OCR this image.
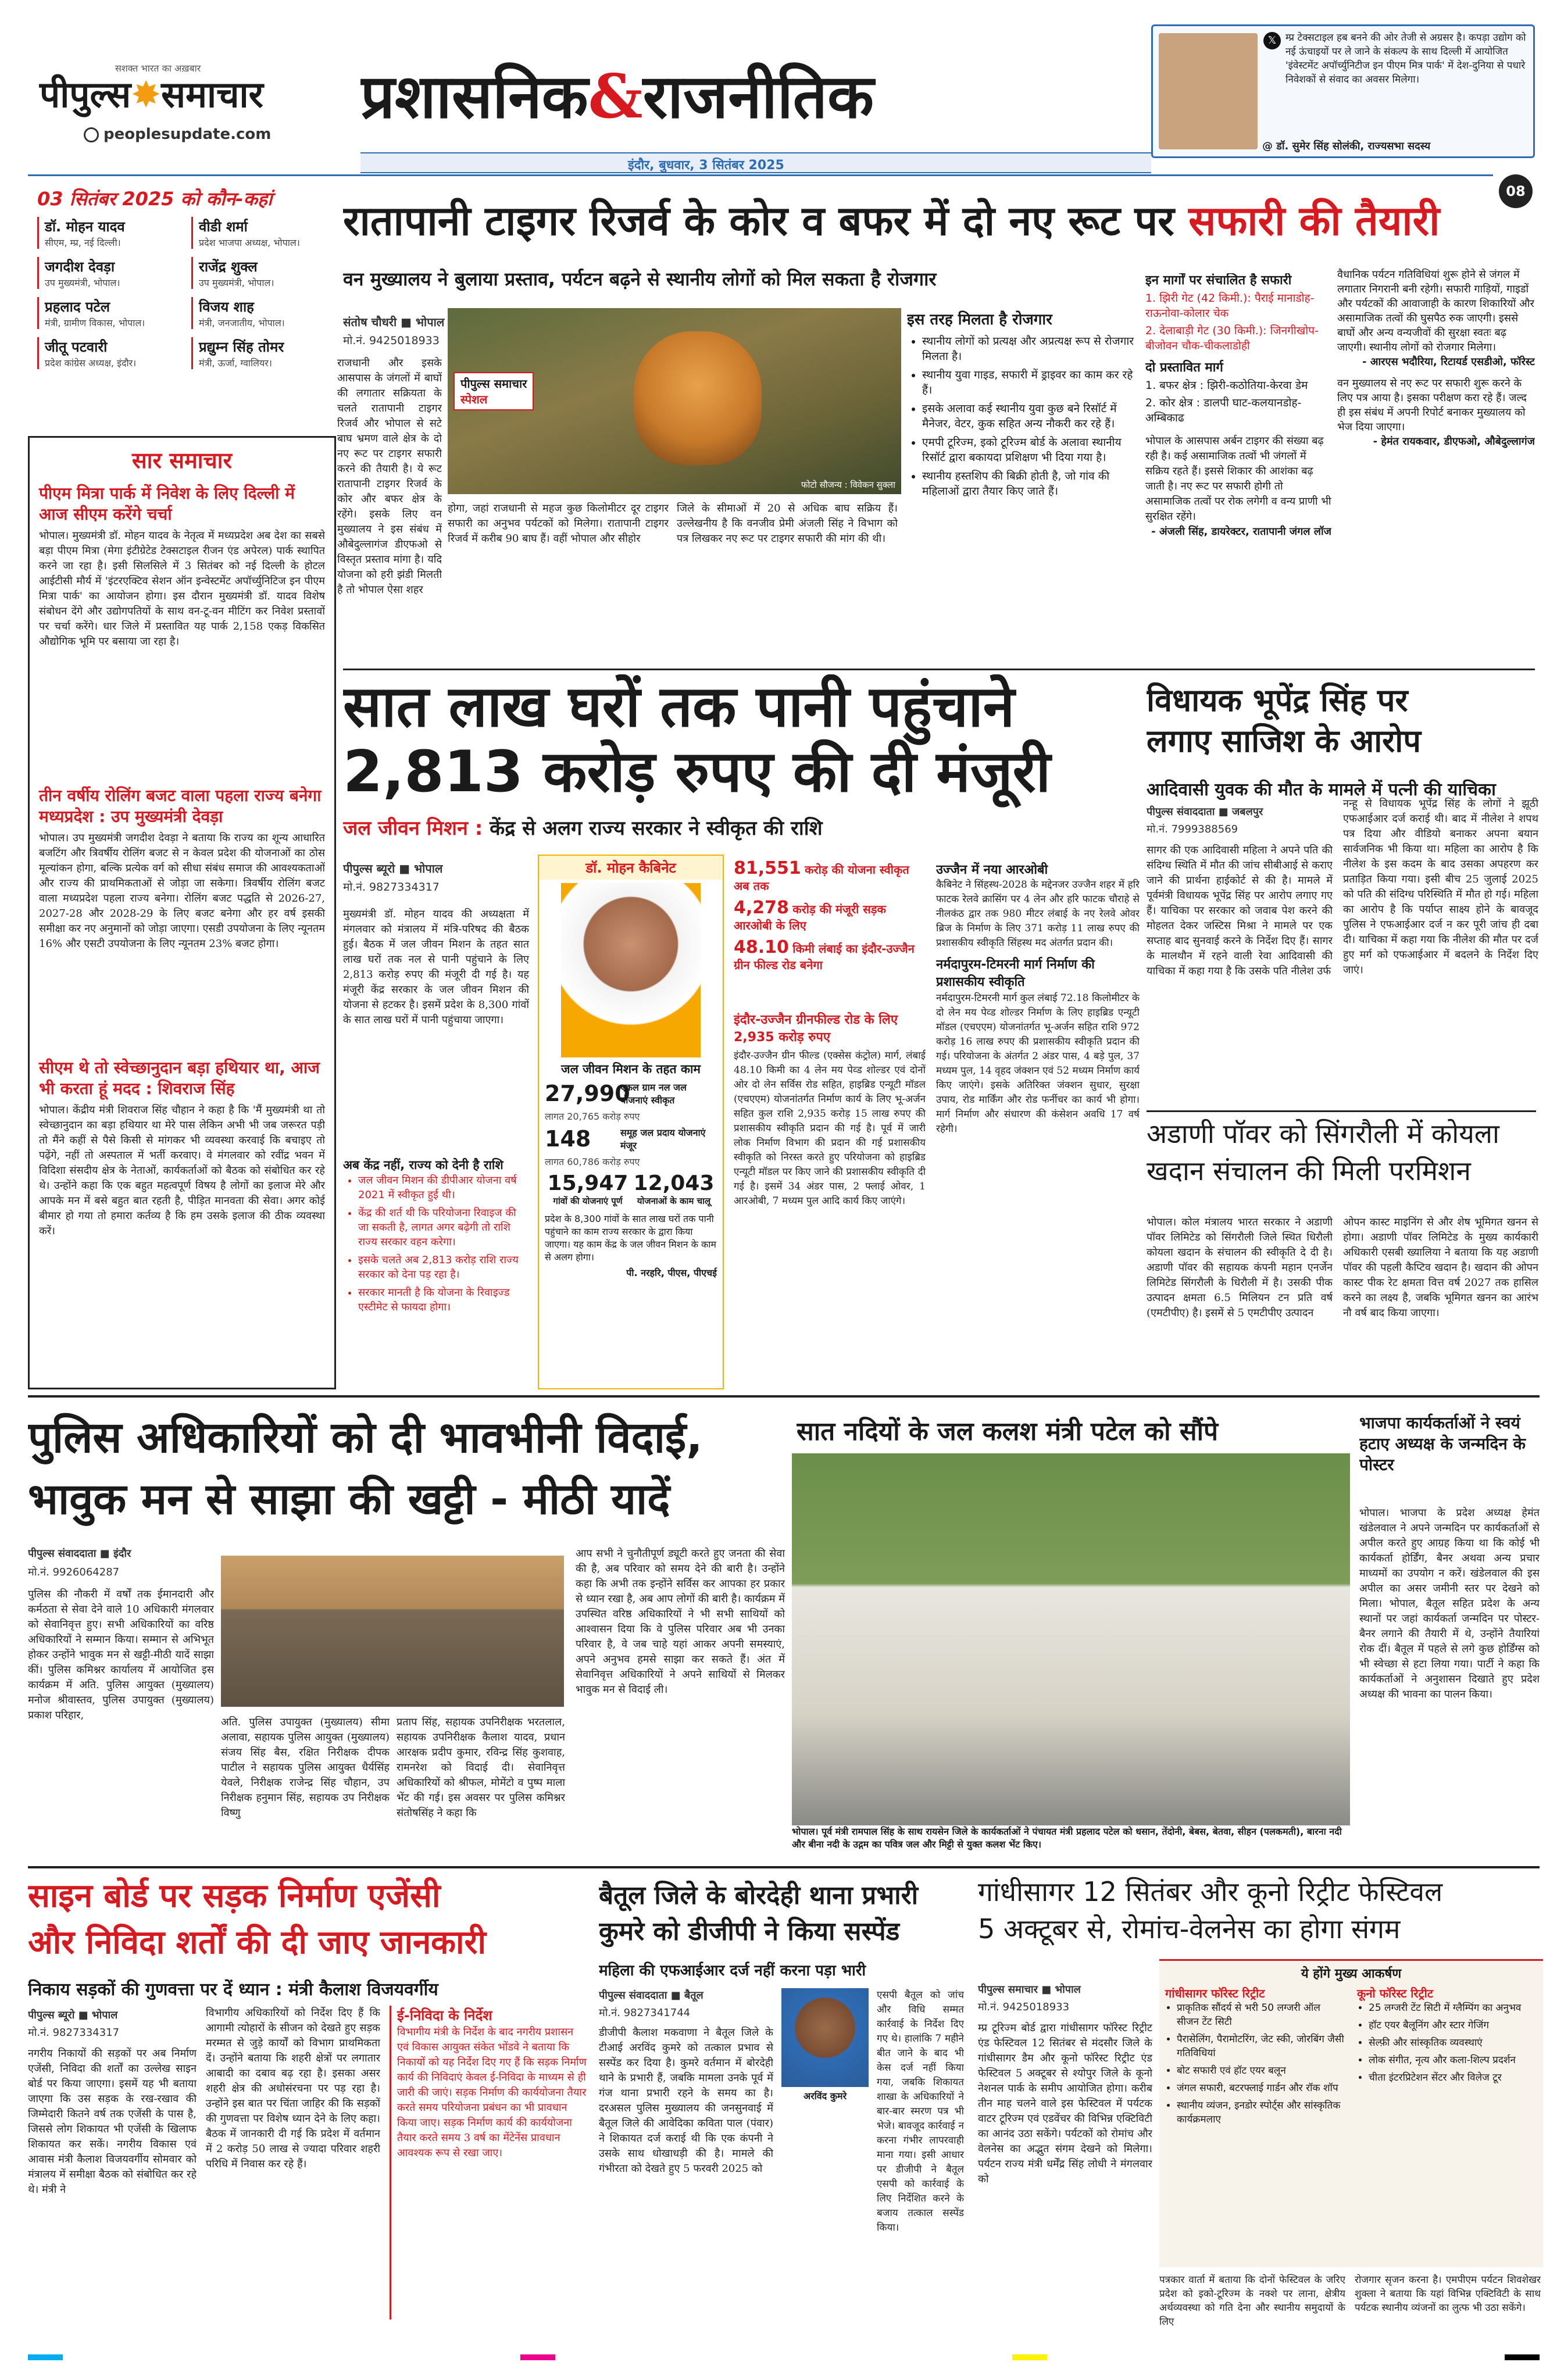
सशक्त भारत का अख़बार
पीपुल्स✸समाचार
peoplesupdate.com
प्रशासनिक&राजनीतिक
इंदौर, बुधवार, 3 सितंबर 2025
𝕏 म्प्र टेक्सटाइल हब बनने की ओर तेजी से अग्रसर है। कपड़ा उद्योग को नई ऊंचाइयों पर ले जाने के संकल्प के साथ दिल्ली में आयोजित 'इंवेस्टमेंट अपॉर्च्युनिटीज इन पीएम मित्र पार्क' में देश-दुनिया से पधारे निवेशकों से संवाद का अवसर मिलेगा।
@ डॉ. सुमेर सिंह सोलंकी, राज्यसभा सदस्य
08
03 सितंबर 2025 को कौन-कहां
डॉ. मोहन यादव
सीएम, म्प्र, नई दिल्ली।
वीडी शर्मा
प्रदेश भाजपा अध्यक्ष, भोपाल।
जगदीश देवड़ा
उप मुख्यमंत्री, भोपाल।
राजेंद्र शुक्ल
उप मुख्यमंत्री, भोपाल।
प्रहलाद पटेल
मंत्री, ग्रामीण विकास, भोपाल।
विजय शाह
मंत्री, जनजातीय, भोपाल।
जीतू पटवारी
प्रदेश कांग्रेस अध्यक्ष, इंदौर।
प्रद्युम्न सिंह तोमर
मंत्री, ऊर्जा, ग्वालियर।
सार समाचार
पीएम मित्रा पार्क में निवेश के लिए दिल्ली में आज सीएम करेंगे चर्चा
भोपाल। मुख्यमंत्री डॉ. मोहन यादव के नेतृत्व में मध्यप्रदेश अब देश का सबसे बड़ा पीएम मित्रा (मेगा इंटीग्रेटेड टेक्सटाइल रीजन एंड अपेरल) पार्क स्थापित करने जा रहा है। इसी सिलसिले में 3 सितंबर को नई दिल्ली के होटल आईटीसी मौर्य में 'इंटरएक्टिव सेशन ऑन इन्वेस्टमेंट अपॉर्च्युनिटिज इन पीएम मित्रा पार्क' का आयोजन होगा। इस दौरान मुख्यमंत्री डॉ. यादव विशेष संबोधन देंगे और उद्योगपतियों के साथ वन-टू-वन मीटिंग कर निवेश प्रस्तावों पर चर्चा करेंगे। धार जिले में प्रस्तावित यह पार्क 2,158 एकड़ विकसित औद्योगिक भूमि पर बसाया जा रहा है।
तीन वर्षीय रोलिंग बजट वाला पहला राज्य बनेगा मध्यप्रदेश : उप मुख्यमंत्री देवड़ा
भोपाल। उप मुख्यमंत्री जगदीश देवड़ा ने बताया कि राज्य का शून्य आधारित बजटिंग और त्रिवर्षीय रोलिंग बजट से न केवल प्रदेश की योजनाओं का ठोस मूल्यांकन होगा, बल्कि प्रत्येक वर्ग को सीधा संबंध समाज की आवश्यकताओं और राज्य की प्राथमिकताओं से जोड़ा जा सकेगा। त्रिवर्षीय रोलिंग बजट वाला मध्यप्रदेश पहला राज्य बनेगा। रोलिंग बजट पद्धति से 2026-27, 2027-28 और 2028-29 के लिए बजट बनेगा और हर वर्ष इसकी समीक्षा कर नए अनुमानों को जोड़ा जाएगा। एसडी उपयोजना के लिए न्यूनतम 16% और एसटी उपयोजना के लिए न्यूनतम 23% बजट होगा।
सीएम थे तो स्वेच्छानुदान बड़ा हथियार था, आज भी करता हूं मदद : शिवराज सिंह
भोपाल। केंद्रीय मंत्री शिवराज सिंह चौहान ने कहा है कि 'मैं मुख्यमंत्री था तो स्वेच्छानुदान का बड़ा हथियार था मेरे पास लेकिन अभी भी जब जरूरत पड़ी तो मैंने कहीं से पैसे किसी से मांगकर भी व्यवस्था करवाई कि बचाइए तो पढ़ेंगे, नहीं तो अस्पताल में भर्ती करवाए। वे मंगलवार को रवींद्र भवन में विदिशा संसदीय क्षेत्र के नेताओं, कार्यकर्ताओं को बैठक को संबोधित कर रहे थे। उन्होंने कहा कि एक बहुत महत्वपूर्ण विषय है लोगों का इलाज मेरे और आपके मन में बसे बहुत बात रहती है, पीड़ित मानवता की सेवा। अगर कोई बीमार हो गया तो हमारा कर्तव्य है कि हम उसके इलाज की ठीक व्यवस्था करें।
रातापानी टाइगर रिजर्व के कोर व बफर में दो नए रूट पर सफारी की तैयारी
वन मुख्यालय ने बुलाया प्रस्ताव, पर्यटन बढ़ने से स्थानीय लोगों को मिल सकता है रोजगार
संतोष चौधरी ■ भोपाल
मो.नं. 9425018933
पीपुल्स समाचार
स्पेशल
फोटो सौजन्य : विवेकन सुक्ला
राजधानी और इसके आसपास के जंगलों में बाघों की लगातार सक्रियता के चलते रातापानी टाइगर रिजर्व और भोपाल से सटे बाघ भ्रमण वाले क्षेत्र के दो नए रूट पर टाइगर सफारी करने की तैयारी है। ये रूट रातापानी टाइगर रिजर्व के कोर और बफर क्षेत्र के रहेंगे। इसके लिए वन मुख्यालय ने इस संबंध में औबेदुल्लागंज डीएफओ से विस्तृत प्रस्ताव मांगा है। यदि योजना को हरी झंडी मिलती है तो भोपाल ऐसा शहर
होगा, जहां राजधानी से महज कुछ किलोमीटर दूर टाइगर सफारी का अनुभव पर्यटकों को मिलेगा। रातापानी टाइगर रिजर्व में करीब 90 बाघ हैं। वहीं भोपाल और सीहोर
जिले के सीमाओं में 20 से अधिक बाघ सक्रिय हैं। उल्लेखनीय है कि वनजीव प्रेमी अंजली सिंह ने विभाग को पत्र लिखकर नए रूट पर टाइगर सफारी की मांग की थी।
इस तरह मिलता है रोजगार
• स्थानीय लोगों को प्रत्यक्ष और अप्रत्यक्ष रूप से रोजगार मिलता है।
• स्थानीय युवा गाइड, सफारी में ड्राइवर का काम कर रहे हैं।
• इसके अलावा कई स्थानीय युवा कुछ बने रिसॉर्ट में मैनेजर, वेटर, कुक सहित अन्य नौकरी कर रहे हैं।
• एमपी टूरिज्म, इको टूरिज्म बोर्ड के अलावा स्थानीय रिसॉर्ट द्वारा बकायदा प्रशिक्षण भी दिया गया है।
• स्थानीय हस्तशिप की बिक्री होती है, जो गांव की महिलाओं द्वारा तैयार किए जाते हैं।
इन मार्गों पर संचालित है सफारी
1. झिरी गेट (42 किमी.): पैराई मानाडोह-राऊनोवा-कोलार चेक
2. देलाबाड़ी गेट (30 किमी.): जिनगीखोप-बीजोवन चौक-चीकलाडोही
दो प्रस्तावित मार्ग
1. बफर क्षेत्र : झिरी-कठोतिया-केरवा डेम
2. कोर क्षेत्र : डालपी घाट-कलयानडोह-अम्बिकाढ
भोपाल के आसपास अर्बन टाइगर की संख्या बढ़ रही है। कई असामाजिक तत्वों भी जंगलों में सक्रिय रहते हैं। इससे शिकार की आशंका बढ़ जाती है। नए रूट पर सफारी होगी तो असामाजिक तत्वों पर रोक लगेगी व वन्य प्राणी भी सुरक्षित रहेंगे।
- अंजली सिंह, डायरेक्टर, रातापानी जंगल लॉज
वैधानिक पर्यटन गतिविधियां शुरू होने से जंगल में लगातार निगरानी बनी रहेगी। सफारी गाड़ियों, गाइडों और पर्यटकों की आवाजाही के कारण शिकारियों और असामाजिक तत्वों की घुसपैठ रुक जाएगी। इससे बाघों और अन्य वन्यजीवों की सुरक्षा स्वतः बढ़ जाएगी। स्थानीय लोगों को रोजगार मिलेगा।
- आरएस भदौरिया, रिटायर्ड एसडीओ, फॉरेस्ट
वन मुख्यालय से नए रूट पर सफारी शुरू करने के लिए पत्र आया है। इसका परीक्षण करा रहे हैं। जल्द ही इस संबंध में अपनी रिपोर्ट बनाकर मुख्यालय को भेज दिया जाएगा।
- हेमंत रायकवार, डीएफओ, औबेदुल्लागंज
सात लाख घरों तक पानी पहुंचाने
2,813 करोड़ रुपए की दी मंजूरी
जल जीवन मिशन : केंद्र से अलग राज्य सरकार ने स्वीकृत की राशि
पीपुल्स ब्यूरो ■ भोपाल
मो.नं. 9827334317
मुख्यमंत्री डॉ. मोहन यादव की अध्यक्षता में मंगलवार को मंत्रालय में मंत्रि-परिषद की बैठक हुई। बैठक में जल जीवन मिशन के तहत सात लाख घरों तक नल से पानी पहुंचाने के लिए 2,813 करोड़ रुपए की मंजूरी दी गई है। यह मंजूरी केंद्र सरकार के जल जीवन मिशन की योजना से हटकर है। इसमें प्रदेश के 8,300 गांवों के सात लाख घरों में पानी पहुंचाया जाएगा।
अब केंद्र नहीं, राज्य को देनी है राशि
• जल जीवन मिशन की डीपीआर योजना वर्ष 2021 में स्वीकृत हुई थी।
• केंद्र की शर्त थी कि परियोजना रिवाइज की जा सकती है, लागत अगर बढ़ेगी तो राशि राज्य सरकार वहन करेगा।
• इसके चलते अब 2,813 करोड़ राशि राज्य सरकार को देना पड़ रहा है।
• सरकार मानती है कि योजना के रिवाइज्ड एस्टीमेट से फायदा होगा।
डॉ. मोहन कैबिनेट
जल जीवन मिशन के तहत काम
27,990
एकल ग्राम नल जल योजनाएं स्वीकृत
लागत 20,765 करोड़ रुपए
148	समूह जल प्रदाय योजनाएं मंजूर
लागत 60,786 करोड़ रुपए
15,947
गांवों की योजनाएं पूर्ण
12,043
योजनाओं के काम चालू
प्रदेश के 8,300 गांवों के सात लाख घरों तक पानी पहुंचाने का काम राज्य सरकार के द्वारा किया जाएगा। यह काम केंद्र के जल जीवन मिशन के काम से अलग होगा।
पी. नरहरि, पीएस, पीएचई
81,551 करोड़ की योजना स्वीकृत अब तक
4,278 करोड़ की मंजूरी सड़क आरओबी के लिए
48.10 किमी लंबाई का इंदौर-उज्जैन ग्रीन फील्ड रोड बनेगा
इंदौर-उज्जैन ग्रीनफील्ड रोड के लिए 2,935 करोड़ रुपए
इंदौर-उज्जैन ग्रीन फील्ड (एक्सेस कंट्रोल) मार्ग, लंबाई 48.10 किमी का 4 लेन मय पेव्ड शोल्डर एवं दोनों ओर दो लेन सर्विस रोड सहित, हाइब्रिड एन्यूटी मॉडल (एचएएम) योजनांतर्गत निर्माण कार्य के लिए भू-अर्जन सहित कुल राशि 2,935 करोड़ 15 लाख रुपए की प्रशासकीय स्वीकृति प्रदान की गई है। पूर्व में जारी लोक निर्माण विभाग की प्रदान की गई प्रशासकीय स्वीकृति को निरस्त करते हुए परियोजना को हाइब्रिड एन्यूटी मॉडल पर किए जाने की प्रशासकीय स्वीकृति दी गई है। इसमें 34 अंडर पास, 2 फ्लाई ओवर, 1 आरओबी, 7 मध्यम पुल आदि कार्य किए जाएंगे।
उज्जैन में नया आरओबी
कैबिनेट ने सिंहस्थ-2028 के मद्देनजर उज्जैन शहर में हरि फाटक रेलवे क्रासिंग पर 4 लेन और हरि फाटक चौराहे से नीलकंठ द्वार तक 980 मीटर लंबाई के नए रेलवे ओवर ब्रिज के निर्माण के लिए 371 करोड़ 11 लाख रुपए की प्रशासकीय स्वीकृति सिंहस्थ मद अंतर्गत प्रदान की।
नर्मदापुरम-टिमरनी मार्ग निर्माण की प्रशासकीय स्वीकृति
नर्मदापुरम-टिमरनी मार्ग कुल लंबाई 72.18 किलोमीटर के दो लेन मय पेव्ड शोल्डर निर्माण के लिए हाइब्रिड एन्यूटी मॉडल (एचएएम) योजनांतर्गत भू-अर्जन सहित राशि 972 करोड़ 16 लाख रुपए की प्रशासकीय स्वीकृति प्रदान की गई। परियोजना के अंतर्गत 2 अंडर पास, 4 बड़े पुल, 37 मध्यम पुल, 14 वृहद जंक्शन एवं 52 मध्यम निर्माण कार्य किए जाएंगे। इसके अतिरिक्त जंक्शन सुधार, सुरक्षा उपाय, रोड मार्किंग और रोड फर्नीचर का कार्य भी होगा। मार्ग निर्माण और संधारण की कंसेशन अवधि 17 वर्ष रहेगी।
विधायक भूपेंद्र सिंह पर
लगाए साजिश के आरोप
आदिवासी युवक की मौत के मामले में पत्नी की याचिका
पीपुल्स संवाददाता ■ जबलपुर
मो.नं. 7999388569
सागर की एक आदिवासी महिला ने अपने पति की संदिग्ध स्थिति में मौत की जांच सीबीआई से कराए जाने की प्रार्थना हाईकोर्ट से की है। मामले में पूर्वमंत्री विधायक भूपेंद्र सिंह पर आरोप लगाए गए हैं। याचिका पर सरकार को जवाब पेश करने की मोहलत देकर जस्टिस मिश्रा ने मामले पर एक सप्ताह बाद सुनवाई करने के निर्देश दिए हैं। सागर के मालथौन में रहने वाली रेवा आदिवासी की याचिका में कहा गया है कि उसके पति नीलेश उर्फ
नन्हू से विधायक भूपेंद्र सिंह के लोगों ने झूठी एफआईआर दर्ज कराई थी। बाद में नीलेश ने शपथ पत्र दिया और वीडियो बनाकर अपना बयान सार्वजनिक भी किया था। महिला का आरोप है कि नीलेश के इस कदम के बाद उसका अपहरण कर प्रताड़ित किया गया। इसी बीच 25 जुलाई 2025 को पति की संदिग्ध परिस्थिति में मौत हो गई। महिला का आरोप है कि पर्याप्त साक्ष्य होने के बावजूद पुलिस ने एफआईआर दर्ज न कर पूरी जांच ही दबा दी। याचिका में कहा गया कि नीलेश की मौत पर दर्ज हुए मर्ग को एफआईआर में बदलने के निर्देश दिए जाएं।
अडाणी पॉवर को सिंगरौली में कोयला खदान संचालन की मिली परमिशन
भोपाल। कोल मंत्रालय भारत सरकार ने अडाणी पॉवर लिमिटेड को सिंगरौली जिले स्थित धिरौली कोयला खदान के संचालन की स्वीकृति दे दी है। अडाणी पॉवर की सहायक कंपनी महान एनर्जेन लिमिटेड सिंगरौली के धिरौली में है। उसकी पीक उत्पादन क्षमता 6.5 मिलियन टन प्रति वर्ष (एमटीपीए) है। इसमें से 5 एमटीपीए उत्पादन
ओपन कास्ट माइनिंग से और शेष भूमिगत खनन से होगा। अडाणी पॉवर लिमिटेड के मुख्य कार्यकारी अधिकारी एसबी ख्यालिया ने बताया कि यह अडाणी पॉवर की पहली कैप्टिव खदान है। खदान की ओपन कास्ट पीक रेट क्षमता वित्त वर्ष 2027 तक हासिल करने का लक्ष्य है, जबकि भूमिगत खनन का आरंभ नौ वर्ष बाद किया जाएगा।
पुलिस अधिकारियों को दी भावभीनी विदाई,
भावुक मन से साझा की खट्टी - मीठी यादें
पीपुल्स संवाददाता ■ इंदौर
मो.नं. 9926064287
पुलिस की नौकरी में वर्षों तक ईमानदारी और कर्मठता से सेवा देने वाले 10 अधिकारी मंगलवार को सेवानिवृत्त हुए। सभी अधिकारियों का वरिष्ठ अधिकारियों ने सम्मान किया। सम्मान से अभिभूत होकर उन्होंने भावुक मन से खट्टी-मीठी यादें साझा कीं। पुलिस कमिश्नर कार्यालय में आयोजित इस कार्यक्रम में अति. पुलिस आयुक्त (मुख्यालय) मनोज श्रीवास्तव, पुलिस उपायुक्त (मुख्यालय) प्रकाश परिहार,
अति. पुलिस उपायुक्त (मुख्यालय) सीमा अलावा, सहायक पुलिस आयुक्त (मुख्यालय) संजय सिंह बैस, रक्षित निरीक्षक दीपक पाटील ने सहायक पुलिस आयुक्त धैर्यसिंह येवले, निरीक्षक राजेन्द्र सिंह चौहान, उप निरीक्षक हनुमान सिंह, सहायक उप निरीक्षक विष्णु
प्रताप सिंह, सहायक उपनिरीक्षक भरतलाल, सहायक उपनिरीक्षक कैलाश यादव, प्रधान आरक्षक प्रदीप कुमार, रविन्द्र सिंह कुशवाह, रामनरेश को विदाई दी। सेवानिवृत्त अधिकारियों को श्रीफल, मोमेंटो व पुष्प माला भेंट की गई। इस अवसर पर पुलिस कमिश्नर संतोषसिंह ने कहा कि
आप सभी ने चुनौतीपूर्ण ड्यूटी करते हुए जनता की सेवा की है, अब परिवार को समय देने की बारी है। उन्होंने कहा कि अभी तक इन्होंने सर्विस कर आपका हर प्रकार से ध्यान रखा है, अब आप लोगों की बारी है। कार्यक्रम में उपस्थित वरिष्ठ अधिकारियों ने भी सभी साथियों को आश्वासन दिया कि वे पुलिस परिवार अब भी उनका परिवार है, वे जब चाहे यहां आकर अपनी समस्याएं, अपने अनुभव हमसे साझा कर सकते हैं। अंत में सेवानिवृत्त अधिकारियों ने अपने साथियों से मिलकर भावुक मन से विदाई ली।
सात नदियों के जल कलश मंत्री पटेल को सौंपे
भोपाल। पूर्व मंत्री रामपाल सिंह के साथ रायसेन जिले के कार्यकर्ताओं ने पंचायत मंत्री प्रहलाद पटेल को धसान, तेंदोनी, बेबस, बेतवा, सीहन (पलकमती), बारना नदी और बीना नदी के उद्गम का पवित्र जल और मिट्टी से युक्त कलश भेंट किए।
भाजपा कार्यकर्ताओं ने स्वयं हटाए अध्यक्ष के जन्मदिन के पोस्टर
भोपाल। भाजपा के प्रदेश अध्यक्ष हेमंत खंडेलवाल ने अपने जन्मदिन पर कार्यकर्ताओं से अपील करते हुए आग्रह किया था कि कोई भी कार्यकर्ता होर्डिंग, बैनर अथवा अन्य प्रचार माध्यमों का उपयोग न करें। खंडेलवाल की इस अपील का असर जमीनी स्तर पर देखने को मिला। भोपाल, बैतूल सहित प्रदेश के अन्य स्थानों पर जहां कार्यकर्ता जन्मदिन पर पोस्टर-बैनर लगाने की तैयारी में थे, उन्होंने तैयारियां रोक दीं। बैतूल में पहले से लगे कुछ होर्डिंग्स को भी स्वेच्छा से हटा लिया गया। पार्टी ने कहा कि कार्यकर्ताओं ने अनुशासन दिखाते हुए प्रदेश अध्यक्ष की भावना का पालन किया।
साइन बोर्ड पर सड़क निर्माण एजेंसी
और निविदा शर्तों की दी जाए जानकारी
निकाय सड़कों की गुणवत्ता पर दें ध्यान : मंत्री कैलाश विजयवर्गीय
पीपुल्स ब्यूरो ■ भोपाल
मो.नं. 9827334317
नगरीय निकायों की सड़कों पर अब निर्माण एजेंसी, निविदा की शर्तों का उल्लेख साइन बोर्ड पर किया जाएगा। इसमें यह भी बताया जाएगा कि उस सड़क के रख-रखाव की जिम्मेदारी कितने वर्ष तक एजेंसी के पास है, जिससे लोग शिकायत भी एजेंसी के खिलाफ शिकायत कर सकें। नगरीय विकास एवं आवास मंत्री कैलाश विजयवर्गीय सोमवार को मंत्रालय में समीक्षा बैठक को संबोधित कर रहे थे। मंत्री ने
विभागीय अधिकारियों को निर्देश दिए हैं कि आगामी त्योहारों के सीजन को देखते हुए सड़क मरम्मत से जुड़े कार्यों को विभाग प्राथमिकता दें। उन्होंने बताया कि शहरी क्षेत्रों पर लगातार आबादी का दबाव बढ़ रहा है। इसका असर शहरी क्षेत्र की अधोसंरचना पर पड़ रहा है। उन्होंने इस बात पर चिंता जाहिर की कि सड़कों की गुणवत्ता पर विशेष ध्यान देने के लिए कहा। बैठक में जानकारी दी गई कि प्रदेश में वर्तमान में 2 करोड़ 50 लाख से ज्यादा परिवार शहरी परिधि में निवास कर रहे हैं।
ई-निविदा के निर्देश
विभागीय मंत्री के निर्देश के बाद नगरीय प्रशासन एवं विकास आयुक्त संकेत भोंडवे ने बताया कि निकायों को यह निर्देश दिए गए हैं कि सड़क निर्माण कार्य की निविदाएं केवल ई-निविदा के माध्यम से ही जारी की जाएं। सड़क निर्माण की कार्ययोजना तैयार करते समय परियोजना प्रबंधन का भी प्रावधान किया जाए। सड़क निर्माण कार्य की कार्ययोजना तैयार करते समय 3 वर्ष का मेंटेनेंस प्रावधान आवश्यक रूप से रखा जाए।
बैतूल जिले के बोरदेही थाना प्रभारी
कुमरे को डीजीपी ने किया सस्पेंड
महिला की एफआईआर दर्ज नहीं करना पड़ा भारी
पीपुल्स संवाददाता ■ बैतूल
मो.नं. 9827341744
डीजीपी कैलाश मकवाणा ने बैतूल जिले के टीआई अरविंद कुमरे को तत्काल प्रभाव से सस्पेंड कर दिया है। कुमरे वर्तमान में बोरदेही थाने के प्रभारी हैं, जबकि मामला उनके पूर्व में गंज थाना प्रभारी रहने के समय का है। दरअसल पुलिस मुख्यालय की जनसुनवाई में बैतूल जिले की आवेदिका कविता पाल (पंवार) ने शिकायत दर्ज कराई थी कि एक कंपनी ने उसके साथ धोखाधड़ी की है। मामले की गंभीरता को देखते हुए 5 फरवरी 2025 को
अरविंद कुमरे
एसपी बैतूल को जांच और विधि सम्मत कार्रवाई के निर्देश दिए गए थे। हालांकि 7 महीने बीत जाने के बाद भी केस दर्ज नहीं किया गया, जबकि शिकायत शाखा के अधिकारियों ने बार-बार स्मरण पत्र भी भेजे। बावजूद कार्रवाई न करना गंभीर लापरवाही माना गया। इसी आधार पर डीजीपी ने बैतूल एसपी को कार्रवाई के लिए निर्देशित करने के बजाय तत्काल सस्पेंड किया।
गांधीसागर 12 सितंबर और कूनो रिट्रीट फेस्टिवल
5 अक्टूबर से, रोमांच-वेलनेस का होगा संगम
पीपुल्स समाचार ■ भोपाल
मो.नं. 9425018933
म्प्र टूरिज्म बोर्ड द्वारा गांधीसागर फॉरेस्ट रिट्रीट एंड फेस्टिवल 12 सितंबर से मंदसौर जिले के गांधीसागर डैम और कूनो फॉरेस्ट रिट्रीट एंड फेस्टिवल 5 अक्टूबर से श्योपुर जिले के कूनो नेशनल पार्क के समीप आयोजित होगा। करीब तीन माह चलने वाले इस फेस्टिवल में पर्यटक वाटर टूरिज्म एवं एडवेंचर की विभिन्न एक्टिविटी का आनंद उठा सकेंगे। पर्यटकों को रोमांच और वेलनेस का अद्भुत संगम देखने को मिलेगा। पर्यटन राज्य मंत्री धर्मेंद्र सिंह लोधी ने मंगलवार को
ये होंगे मुख्य आकर्षण
गांधीसागर फॉरेस्ट रिट्रीट
• प्राकृतिक सौंदर्य से भरी 50 लग्जरी ऑल सीजन टेंट सिटी
• पैरासेलिंग, पैरामोटरिंग, जेट स्की, जोरबिंग जैसी गतिविधियां
• बोट सफारी एवं हॉट एयर बलून
• जंगल सफारी, बटरफ्लाई गार्डन और रॉक शॉप
• स्थानीय व्यंजन, इनडोर स्पोर्ट्स और सांस्कृतिक कार्यक्रमलाए
कूनो फॉरेस्ट रिट्रीट
• 25 लग्जरी टेंट सिटी में ग्लैम्पिंग का अनुभव
• हॉट एयर बैलूनिंग और स्टार गेजिंग
• सेल्फ़ी और सांस्कृतिक व्यवस्थाएं
• लोक संगीत, नृत्य और कला-शिल्प प्रदर्शन
• चीता इंटरप्रिटेशन सेंटर और विलेज टूर
पत्रकार वार्ता में बताया कि दोनों फेस्टिवल के जरिए प्रदेश को इको-टूरिज्म के नक्शे पर लाना, क्षेत्रीय अर्थव्यवस्था को गति देना और स्थानीय समुदायों के लिए
रोजगार सृजन करना है। एमपीएम पर्यटन शिवशेखर शुक्ला ने बताया कि यहां विभिन्न एक्टिविटी के साथ पर्यटक स्थानीय व्यंजनों का लुत्फ भी उठा सकेंगे।
